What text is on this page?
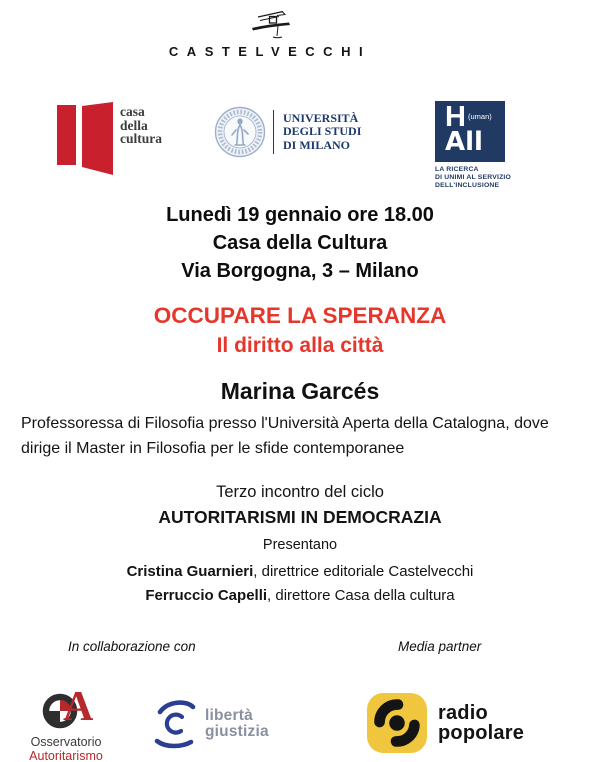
CASTELVECCHI
casa
della
cultura
UNIVERSITÀ
DEGLI STUDI
DI MILANO
H (uman)
All
LA RICERCA
DI UNIMI AL SERVIZIO
DELL'INCLUSIONE
Lunedì 19 gennaio ore 18.00
Casa della Cultura
Via Borgogna, 3 – Milano
OCCUPARE LA SPERANZA
Il diritto alla città
Marina Garcés
Professoressa di Filosofia presso l'Università Aperta della Catalogna, dove dirige il Master in Filosofia per le sfide contemporanee
Terzo incontro del ciclo
AUTORITARISMI IN DEMOCRAZIA
Presentano
Cristina Guarnieri, direttrice editoriale Castelvecchi
Ferruccio Capelli, direttore Casa della cultura
In collaborazione con	Media partner
A
Osservatorio
Autoritarismo
libertà
giustizia
radio
popolare
